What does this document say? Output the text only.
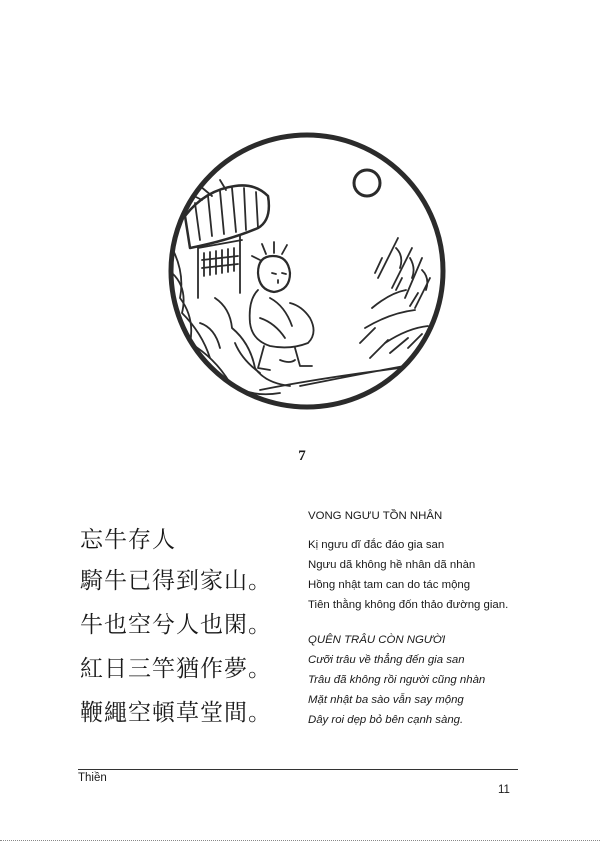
7
忘牛存人
騎牛已得到家山。
牛也空兮人也閑。
紅日三竿猶作夢。
鞭繩空頓草堂間。
VONG NGƯU TỒN NHÂN
Kị ngưu dĩ đắc đáo gia san
Ngưu dã không hề nhân dã nhàn
Hồng nhật tam can do tác mộng
Tiên thằng không đốn thảo đường gian.
QUÊN TRÂU CÒN NGƯỜI
Cưỡi trâu về thẳng đến gia san
Trâu đã không rồi người cũng nhàn
Mặt nhật ba sào vẫn say mộng
Dây roi dẹp bỏ bên cạnh sàng.
Thiền
11
